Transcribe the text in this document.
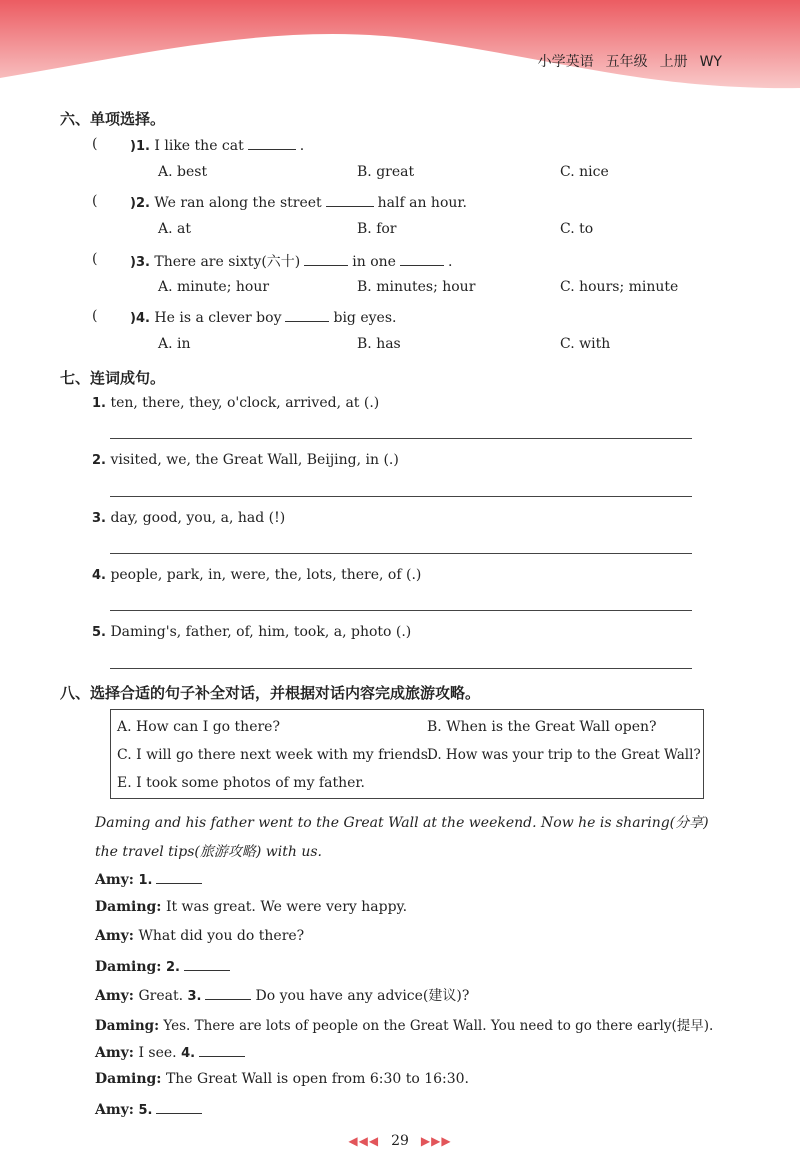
小学英语 五年级 上册 WY
六、单项选择。
(	)1. I like the cat	.
A. best	B. great	C. nice
(	)2. We ran along the street	half an hour.
A. at	B. for	C. to
(	)3. There are sixty(六十)	in one	.
A. minute; hour	B. minutes; hour	C. hours; minute
(	)4. He is a clever boy	big eyes.
A. in	B. has	C. with
七、连词成句。
1. ten, there, they, o'clock, arrived, at (.)
2. visited, we, the Great Wall, Beijing, in (.)
3. day, good, you, a, had (!)
4. people, park, in, were, the, lots, there, of (.)
5. Daming's, father, of, him, took, a, photo (.)
八、选择合适的句子补全对话，并根据对话内容完成旅游攻略。
A. How can I go there?	B. When is the Great Wall open?
C. I will go there next week with my friends.
D. How was your trip to the Great Wall?
E. I took some photos of my father.
Daming and his father went to the Great Wall at the weekend. Now he is sharing(分享)
the travel tips(旅游攻略) with us.
Amy: 1.
Daming: It was great. We were very happy.
Amy: What did you do there?
Daming: 2.
Amy: Great. 3.	Do you have any advice(建议)?
Daming: Yes. There are lots of people on the Great Wall. You need to go there early(提早).
Amy: I see. 4.
Daming: The Great Wall is open from 6:30 to 16:30.
Amy: 5.
◀◀◀ 29 ▶▶▶
